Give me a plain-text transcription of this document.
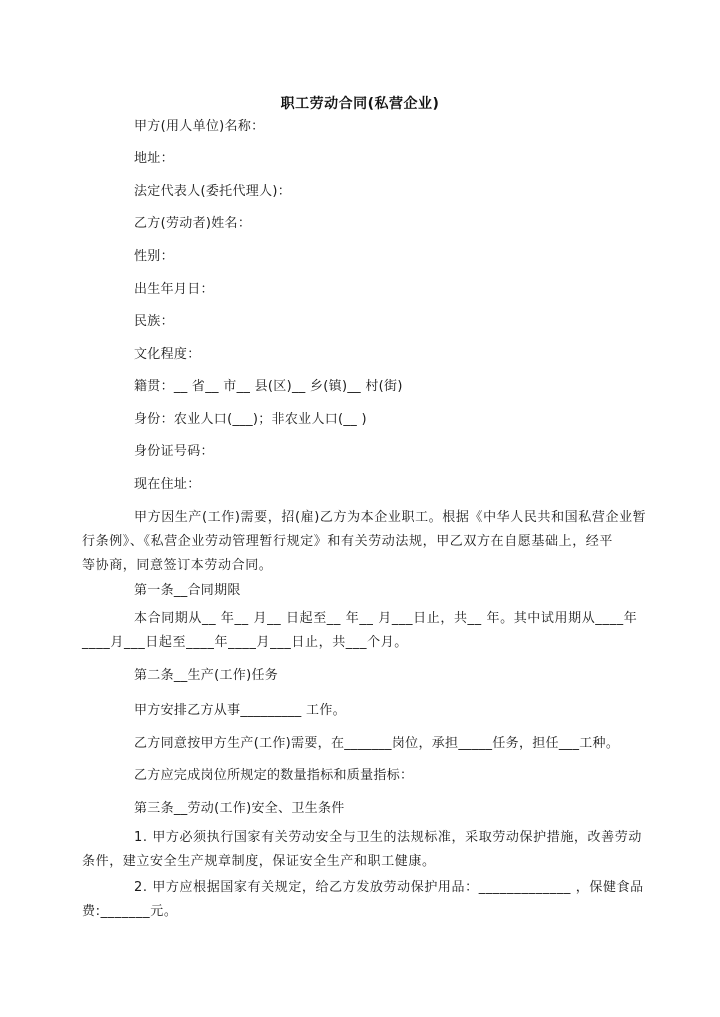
职工劳动合同(私营企业)
甲方(用人单位)名称：
地址：
法定代表人(委托代理人)：
乙方(劳动者)姓名：
性别：
出生年月日：
民族：
文化程度：
籍贯：__ 省__ 市__ 县(区)__ 乡(镇)__ 村(街)
身份：农业人口(___)；非农业人口(__ )
身份证号码：
现在住址：
甲方因生产(工作)需要，招(雇)乙方为本企业职工。根据《中华人民共和国私营企业暂
行条例》、《私营企业劳动管理暂行规定》和有关劳动法规，甲乙双方在自愿基础上，经平
等协商，同意签订本劳动合同。
第一条__合同期限
本合同期从__ 年__ 月__ 日起至__ 年__ 月___日止，共__ 年。其中试用期从____年
____月___日起至____年____月___日止，共___个月。
第二条__生产(工作)任务
甲方安排乙方从事_________ 工作。
乙方同意按甲方生产(工作)需要，在_______岗位，承担_____任务，担任___工种。
乙方应完成岗位所规定的数量指标和质量指标：
第三条__劳动(工作)安全、卫生条件
1. 甲方必须执行国家有关劳动安全与卫生的法规标准，采取劳动保护措施，改善劳动
条件，建立安全生产规章制度，保证安全生产和职工健康。
2. 甲方应根据国家有关规定，给乙方发放劳动保护用品：_____________ ，保健食品
费:_______元。
